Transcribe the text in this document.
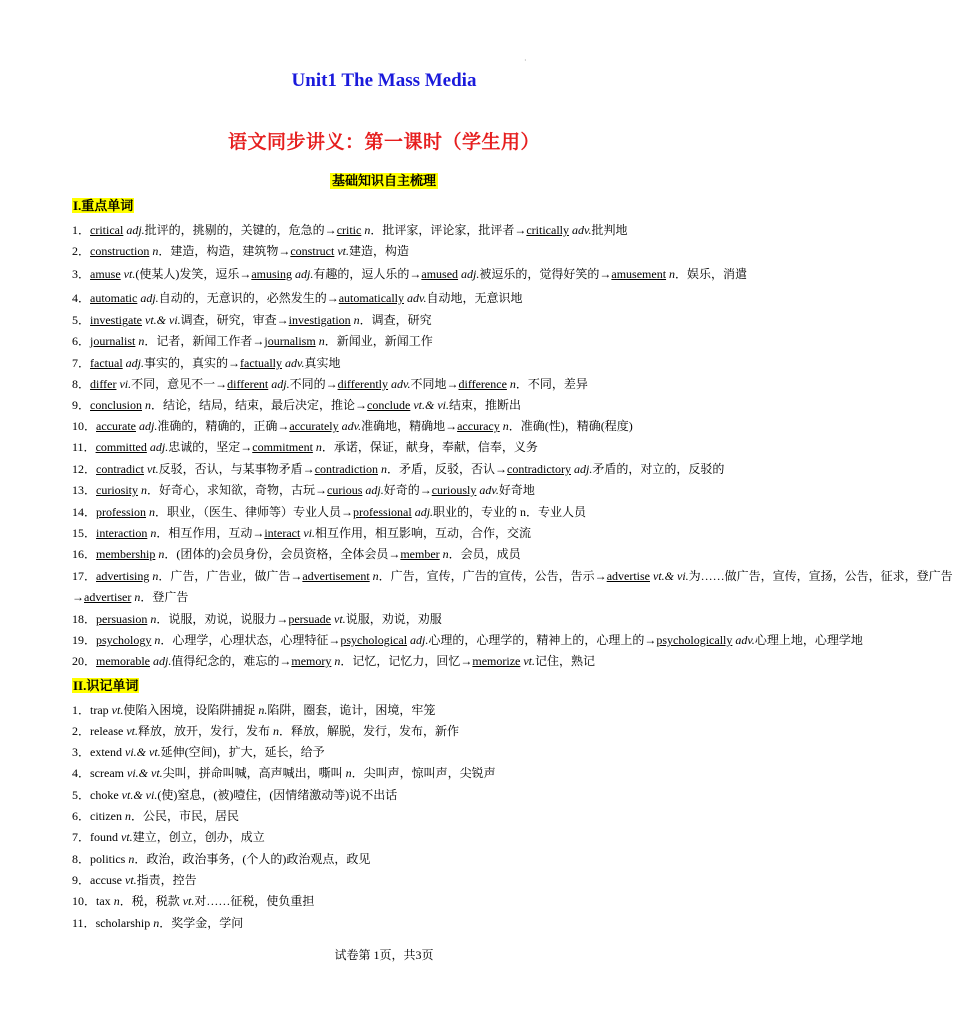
·
Unit1 The Mass Media
语文同步讲义：第一课时（学生用）
基础知识自主梳理
I.重点单词
1．critical adj.批评的，挑剔的，关键的，危急的→critic n．批评家，评论家，批评者→critically adv.批判地
2．construction n．建造，构造，建筑物→construct vt.建造，构造
3．amuse vt.(使某人)发笑，逗乐→amusing adj.有趣的，逗人乐的→amused adj.被逗乐的，觉得好笑的→amusement n．娱乐，消遣
4．automatic adj.自动的，无意识的，必然发生的→automatically adv.自动地，无意识地
5．investigate vt.& vi.调查，研究，审查→investigation n．调查，研究
6．journalist n．记者，新闻工作者→journalism n．新闻业，新闻工作
7．factual adj.事实的，真实的→factually adv.真实地
8．differ vi.不同，意见不一→different adj.不同的→differently adv.不同地→difference n．不同，差异
9．conclusion n．结论，结局，结束，最后决定，推论→conclude vt.& vi.结束，推断出
10．accurate adj.准确的，精确的，正确→accurately adv.准确地，精确地→accuracy n．准确(性)，精确(程度)
11．committed adj.忠诚的，坚定→commitment n．承诺，保证，献身，奉献，信奉，义务
12．contradict vt.反驳，否认，与某事物矛盾→contradiction n．矛盾，反驳，否认→contradictory adj.矛盾的，对立的，反驳的
13．curiosity n．好奇心，求知欲，奇物，古玩→curious adj.好奇的→curiously adv.好奇地
14．profession n．职业，（医生、律师等）专业人员→professional adj.职业的，专业的 n．专业人员
15．interaction n．相互作用，互动→interact vi.相互作用，相互影响，互动，合作，交流
16．membership n．(团体的)会员身份，会员资格，全体会员→member n．会员，成员
17．advertising n．广告，广告业，做广告→advertisement n．广告，宣传，广告的宣传，公告，告示→advertise vt.& vi.为……做广告，宣传，宣扬，公告，征求，登广告
→advertiser n．登广告
18．persuasion n．说服，劝说，说服力→persuade vt.说服，劝说，劝服
19．psychology n．心理学，心理状态，心理特征→psychological adj.心理的，心理学的，精神上的，心理上的→psychologically adv.心理上地，心理学地
20．memorable adj.值得纪念的，难忘的→memory n．记忆，记忆力，回忆→memorize vt.记住，熟记
II.识记单词
1．trap vt.使陷入困境，设陷阱捕捉 n.陷阱，圈套，诡计，困境，牢笼
2．release vt.释放，放开，发行，发布 n．释放，解脱，发行，发布，新作
3．extend vi.& vt.延伸(空间)，扩大，延长，给予
4．scream vi.& vt.尖叫，拼命叫喊，高声喊出，嘶叫 n．尖叫声，惊叫声，尖锐声
5．choke vt.& vi.(使)窒息，(被)噎住，(因情绪激动等)说不出话
6．citizen n．公民，市民，居民
7．found vt.建立，创立，创办，成立
8．politics n．政治，政治事务，(个人的)政治观点，政见
9．accuse vt.指责，控告
10．tax n．税，税款 vt.对……征税，使负重担
11．scholarship n．奖学金，学问
试卷第 1页，共3页
